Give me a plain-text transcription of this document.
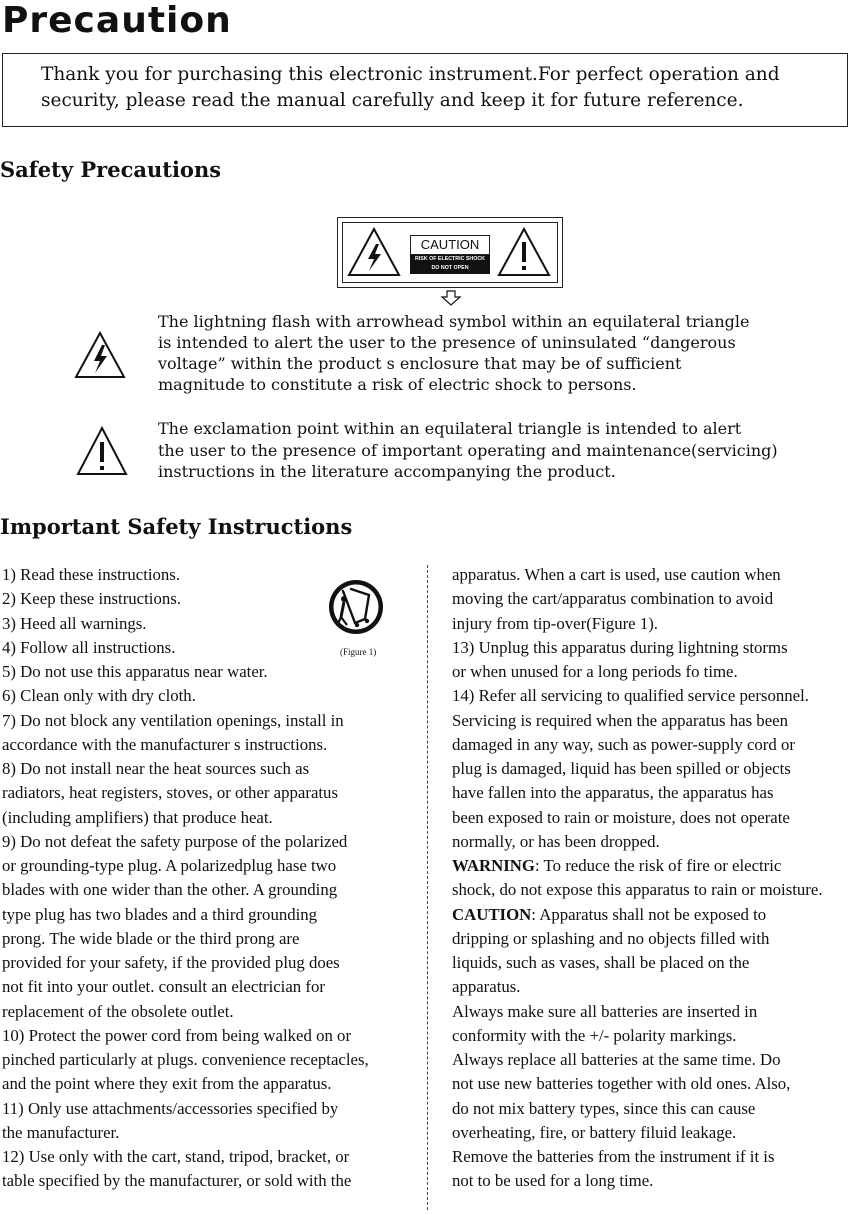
Precaution
Thank you for purchasing this electronic instrument.For perfect operation and
security, please read the manual carefully and keep it for future reference.
Safety Precautions
CAUTION
RISK OF ELECTRIC SHOCK
DO NOT OPEN
The lightning flash with arrowhead symbol within an equilateral triangle
is intended to alert the user to the presence of uninsulated “dangerous
voltage” within the product s enclosure that may be of sufficient
magnitude to constitute a risk of electric shock to persons.
The exclamation point within an equilateral triangle is intended to alert
the user to the presence of important operating and maintenance(servicing)
instructions in the literature accompanying the product.
Important Safety Instructions
(Figure 1)
1) Read these instructions.
2) Keep these instructions.
3) Heed all warnings.
4) Follow all instructions.
5) Do not use this apparatus near water.
6) Clean only with dry cloth.
7) Do not block any ventilation openings, install in
accordance with the manufacturer s instructions.
8) Do not install near the heat sources such as
radiators, heat registers, stoves, or other apparatus
(including amplifiers) that produce heat.
9) Do not defeat the safety purpose of the polarized
or grounding-type plug. A polarizedplug hase two
blades with one wider than the other. A grounding
type plug has two blades and a third grounding
prong. The wide blade or the third prong are
provided for your safety, if the provided plug does
not fit into your outlet. consult an electrician for
replacement of the obsolete outlet.
10) Protect the power cord from being walked on or
pinched particularly at plugs. convenience receptacles,
and the point where they exit from the apparatus.
11) Only use attachments/accessories specified by
the manufacturer.
12) Use only with the cart, stand, tripod, bracket, or
table specified by the manufacturer, or sold with the
apparatus. When a cart is used, use caution when
moving the cart/apparatus combination to avoid
injury from tip-over(Figure 1).
13) Unplug this apparatus during lightning storms
or when unused for a long periods fo time.
14) Refer all servicing to qualified service personnel.
Servicing is required when the apparatus has been
damaged in any way, such as power-supply cord or
plug is damaged, liquid has been spilled or objects
have fallen into the apparatus, the apparatus has
been exposed to rain or moisture, does not operate
normally, or has been dropped.
WARNING: To reduce the risk of fire or electric
shock, do not expose this apparatus to rain or moisture.
CAUTION: Apparatus shall not be exposed to
dripping or splashing and no objects filled with
liquids, such as vases, shall be placed on the
apparatus.
Always make sure all batteries are inserted in
conformity with the +/- polarity markings.
Always replace all batteries at the same time. Do
not use new batteries together with old ones. Also,
do not mix battery types, since this can cause
overheating, fire, or battery filuid leakage.
Remove the batteries from the instrument if it is
not to be used for a long time.
